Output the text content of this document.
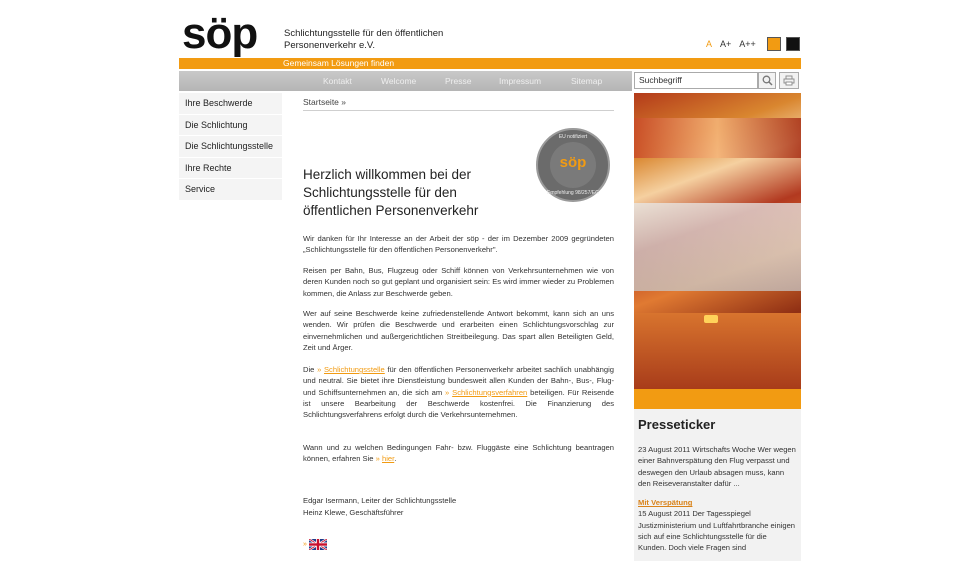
söp	Schlichtungsstelle für den öffentlichen Personenverkehr e.V.	A A+ A++
Gemeinsam Lösungen finden
Kontakt	Welcome	Presse	Impressum	Sitemap	Suchbegriff
Ihre Beschwerde
Die Schlichtung
Die Schlichtungsstelle
Ihre Rechte
Service
Startseite »
EU notifiziert
söp
Empfehlung 98/257/EG
Herzlich willkommen bei der Schlichtungsstelle für den öffentlichen Personenverkehr

Wir danken für Ihr Interesse an der Arbeit der söp - der im Dezember 2009 gegründeten „Schlichtungsstelle für den öffentlichen Personenverkehr".

Reisen per Bahn, Bus, Flugzeug oder Schiff können von Verkehrsunternehmen wie von deren Kunden noch so gut geplant und organisiert sein: Es wird immer wieder zu Problemen kommen, die Anlass zur Beschwerde geben.

Wer auf seine Beschwerde keine zufriedenstellende Antwort bekommt, kann sich an uns wenden. Wir prüfen die Beschwerde und erarbeiten einen Schlichtungsvorschlag zur einvernehmlichen und außergerichtlichen Streitbeilegung. Das spart allen Beteiligten Geld, Zeit und Ärger.

Die » Schlichtungsstelle für den öffentlichen Personenverkehr arbeitet sachlich unabhängig und neutral. Sie bietet ihre Dienstleistung bundesweit allen Kunden der Bahn-, Bus-, Flug- und Schiffsunternehmen an, die sich am » Schlichtungsverfahren beteiligen. Für Reisende ist unsere Bearbeitung der Beschwerde kostenfrei. Die Finanzierung des Schlichtungsverfahrens erfolgt durch die Verkehrsunternehmen.

Wann und zu welchen Bedingungen Fahr- bzw. Fluggäste eine Schlichtung beantragen können, erfahren Sie » hier.

Edgar Isermann, Leiter der Schlichtungsstelle
Heinz Klewe, Geschäftsführer
»
Presseticker
23 August 2011 Wirtschafts Woche Wer wegen einer Bahnverspätung den Flug verpasst und deswegen den Urlaub absagen muss, kann den Reiseveranstalter dafür ...
Mit Verspätung
15 August 2011 Der Tagesspiegel Justizministerium und Luftfahrtbranche einigen sich auf eine Schlichtungsstelle für die Kunden. Doch viele Fragen sind
